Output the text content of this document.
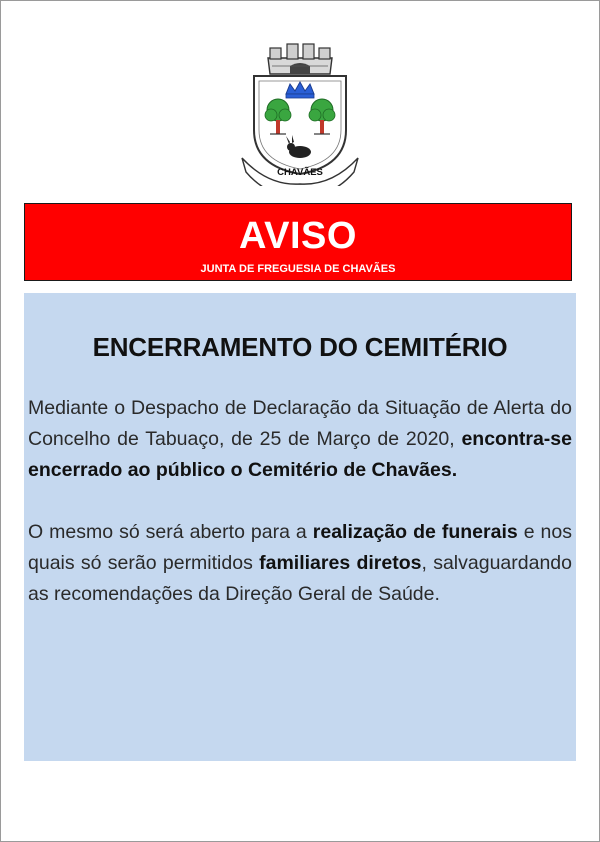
CHAVÃES
AVISO
JUNTA DE FREGUESIA DE CHAVÃES
ENCERRAMENTO DO CEMITÉRIO

Mediante o Despacho de Declaração da Situação de Alerta do Concelho de Tabuaço, de 25 de Março de 2020, encontra-se encerrado ao público o Cemitério de Chavães.

O mesmo só será aberto para a realização de funerais e nos quais só serão permitidos familiares diretos, salvaguardando as recomendações da Direção Geral de Saúde.
